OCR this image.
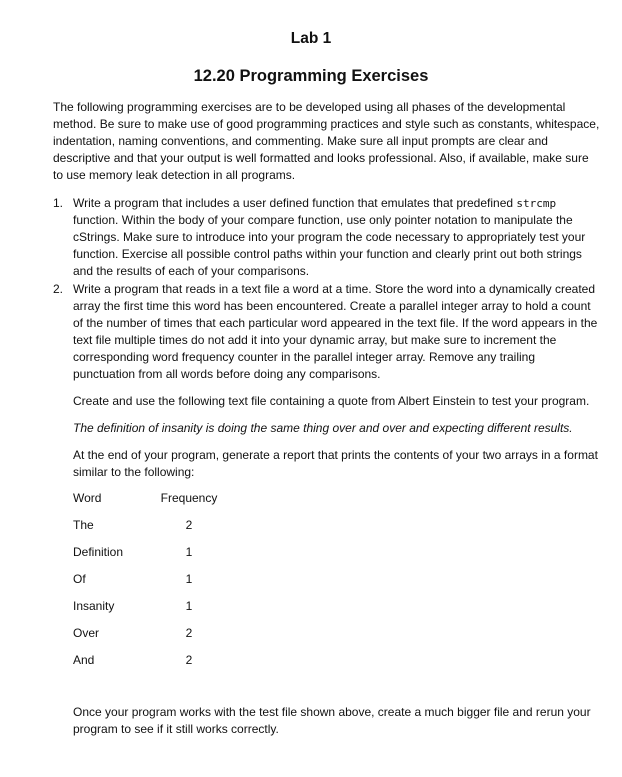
Lab 1
12.20 Programming Exercises

The following programming exercises are to be developed using all phases of the developmental method. Be sure to make use of good programming practices and style such as constants, whitespace, indentation, naming conventions, and commenting. Make sure all input prompts are clear and descriptive and that your output is well formatted and looks professional. Also, if available, make sure to use memory leak detection in all programs.

1. Write a program that includes a user defined function that emulates that predefined strcmp function. Within the body of your compare function, use only pointer notation to manipulate the cStrings. Make sure to introduce into your program the code necessary to appropriately test your function. Exercise all possible control paths within your function and clearly print out both strings and the results of each of your comparisons.
2. Write a program that reads in a text file a word at a time. Store the word into a dynamically created array the first time this word has been encountered. Create a parallel integer array to hold a count of the number of times that each particular word appeared in the text file. If the word appears in the text file multiple times do not add it into your dynamic array, but make sure to increment the corresponding word frequency counter in the parallel integer array. Remove any trailing punctuation from all words before doing any comparisons.

Create and use the following text file containing a quote from Albert Einstein to test your program.

The definition of insanity is doing the same thing over and over and expecting different results.

At the end of your program, generate a report that prints the contents of your two arrays in a format similar to the following:

Word	Frequency
The	2
Definition	1
Of	1
Insanity	1
Over	2
And	2

Once your program works with the test file shown above, create a much bigger file and rerun your program to see if it still works correctly.
